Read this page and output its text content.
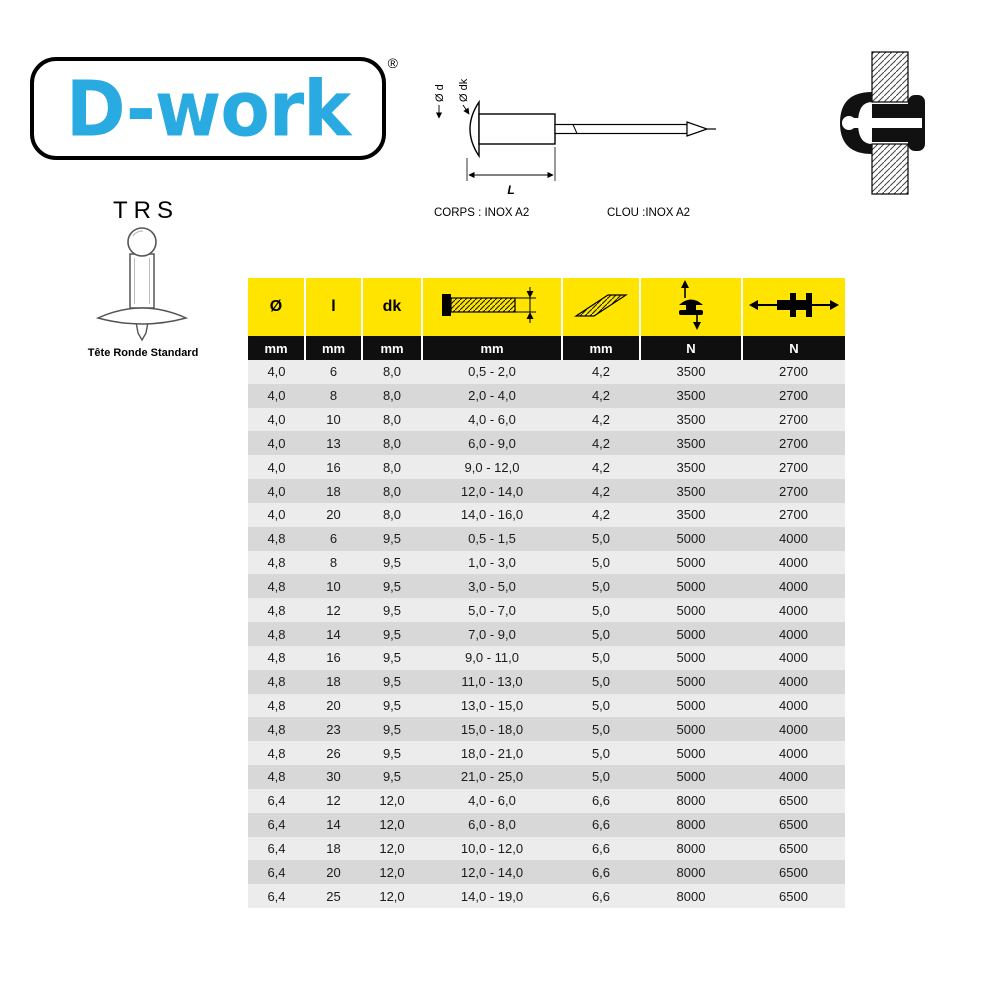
D-work
®
TRS
Tête Ronde Standard
Ø d Ø dk
L
CORPS : INOX A2	CLOU :INOX A2
Ø	l	dk				
mm	mm	mm	mm	mm	N	N
4,0	6	8,0	0,5 - 2,0	4,2	3500	2700
4,0	8	8,0	2,0 - 4,0	4,2	3500	2700
4,0	10	8,0	4,0 - 6,0	4,2	3500	2700
4,0	13	8,0	6,0 - 9,0	4,2	3500	2700
4,0	16	8,0	9,0 - 12,0	4,2	3500	2700
4,0	18	8,0	12,0 - 14,0	4,2	3500	2700
4,0	20	8,0	14,0 - 16,0	4,2	3500	2700
4,8	6	9,5	0,5 - 1,5	5,0	5000	4000
4,8	8	9,5	1,0 - 3,0	5,0	5000	4000
4,8	10	9,5	3,0 - 5,0	5,0	5000	4000
4,8	12	9,5	5,0 - 7,0	5,0	5000	4000
4,8	14	9,5	7,0 - 9,0	5,0	5000	4000
4,8	16	9,5	9,0 - 11,0	5,0	5000	4000
4,8	18	9,5	11,0 - 13,0	5,0	5000	4000
4,8	20	9,5	13,0 - 15,0	5,0	5000	4000
4,8	23	9,5	15,0 - 18,0	5,0	5000	4000
4,8	26	9,5	18,0 - 21,0	5,0	5000	4000
4,8	30	9,5	21,0 - 25,0	5,0	5000	4000
6,4	12	12,0	4,0 - 6,0	6,6	8000	6500
6,4	14	12,0	6,0 - 8,0	6,6	8000	6500
6,4	18	12,0	10,0 - 12,0	6,6	8000	6500
6,4	20	12,0	12,0 - 14,0	6,6	8000	6500
6,4	25	12,0	14,0 - 19,0	6,6	8000	6500
